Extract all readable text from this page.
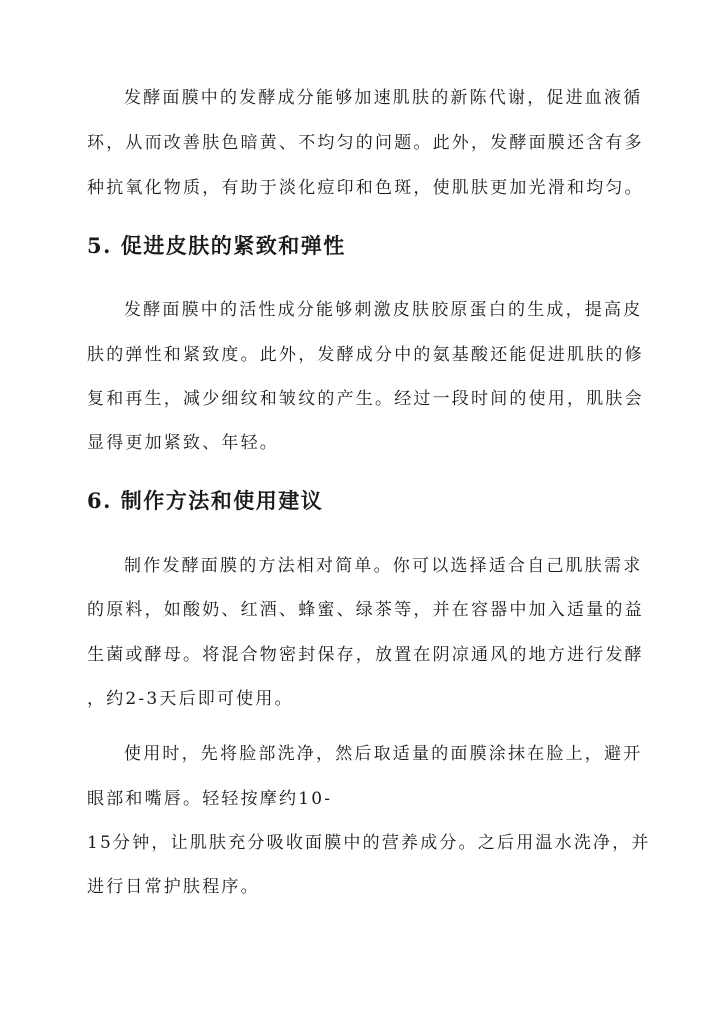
发酵面膜中的发酵成分能够加速肌肤的新陈代谢，促进血液循
环，从而改善肤色暗黄、不均匀的问题。此外，发酵面膜还含有多
种抗氧化物质，有助于淡化痘印和色斑，使肌肤更加光滑和均匀。
5. 促进皮肤的紧致和弹性
发酵面膜中的活性成分能够刺激皮肤胶原蛋白的生成，提高皮
肤的弹性和紧致度。此外，发酵成分中的氨基酸还能促进肌肤的修
复和再生，减少细纹和皱纹的产生。经过一段时间的使用，肌肤会
显得更加紧致、年轻。
6. 制作方法和使用建议
制作发酵面膜的方法相对简单。你可以选择适合自己肌肤需求
的原料，如酸奶、红酒、蜂蜜、绿茶等，并在容器中加入适量的益
生菌或酵母。将混合物密封保存，放置在阴凉通风的地方进行发酵
，约2-3天后即可使用。
使用时，先将脸部洗净，然后取适量的面膜涂抹在脸上，避开
眼部和嘴唇。轻轻按摩约10-
15分钟，让肌肤充分吸收面膜中的营养成分。之后用温水洗净，并
进行日常护肤程序。
